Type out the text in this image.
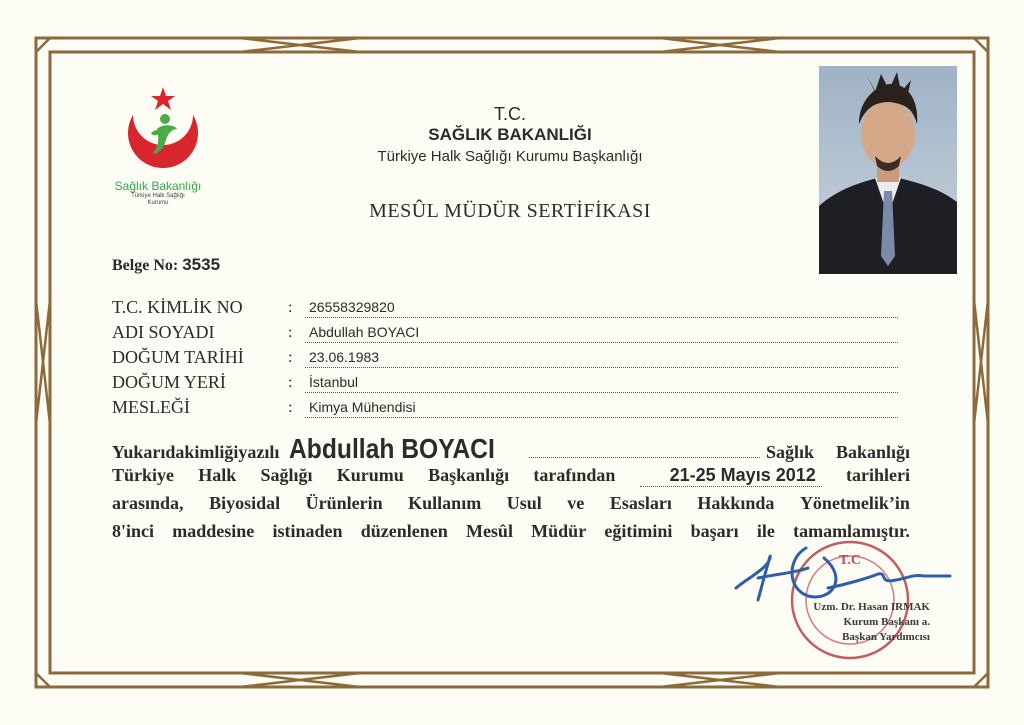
Sağlık Bakanlığı
Türkiye Halk Sağlığı
Kurumu
T.C.
SAĞLIK BAKANLIĞI
Türkiye Halk Sağlığı Kurumu Başkanlığı
MESÛL MÜDÜR SERTİFİKASI
Belge No: 3535
T.C. KİMLİK NO	: 26558329820
ADI SOYADI	: Abdullah BOYACI
DOĞUM TARİHİ	: 23.06.1983
DOĞUM YERİ	: İstanbul
MESLEĞİ	: Kimya Mühendisi
Yukarıda kimliği yazılı Abdullah BOYACI	Sağlık Bakanlığı
Türkiye Halk Sağlığı Kurumu Başkanlığı tarafından	21-25 Mayıs 2012	tarihleri
arasında, Biyosidal Ürünlerin Kullanım Usul ve Esasları Hakkında Yönetmelik’in
8'inci maddesine istinaden düzenlenen Mesûl Müdür eğitimini başarı ile tamamlamıştır.
T.C
Uzm. Dr. Hasan IRMAK
Kurum Başkanı a.
Başkan Yardımcısı
